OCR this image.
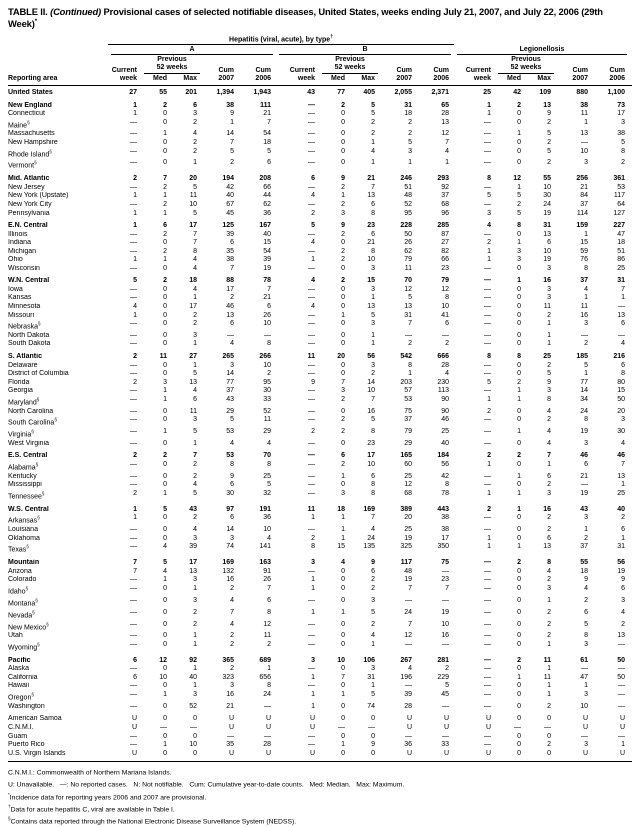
TABLE II. (Continued) Provisional cases of selected notifiable diseases, United States, weeks ending July 21, 2007, and July 22, 2006 (29th Week)*
Hepatitis (viral, acute), by type†
A	B	Legionellosis
Reporting area
Current
week
Previous
52 weeks
Med	Max
Cum
2007
Cum
2006
Current
week
Previous
52 weeks
Med	Max
Cum
2007
Cum
2006
Current
week
Previous
52 weeks
Med	Max
Cum
2007
Cum
2006
United States	27	55	201	1,394	1,943	43	77	405	2,055	2,371	25	42	109	880	1,100
New England	1	2	6	38	111	—	2	5	31	65	1	2	13	38	73
Connecticut	1	0	3	9	21	—	0	5	18	28	1	0	9	11	17
Maine§	—	0	2	1	7	—	0	2	2	13	—	0	2	1	3
Massachusetts	—	1	4	14	54	—	0	2	2	12	—	1	5	13	38
New Hampshire	—	0	2	7	18	—	0	1	5	7	—	0	2	—	5
Rhode Island§	—	0	2	5	5	—	0	4	3	4	—	0	5	10	8
Vermont§	—	0	1	2	6	—	0	1	1	1	—	0	2	3	2
Mid. Atlantic	2	7	20	194	208	6	9	21	246	293	8	12	55	256	361
New Jersey	—	2	5	42	66	—	2	7	51	92	—	1	10	21	53
New York (Upstate)	1	1	11	40	44	4	1	13	48	37	5	5	30	84	117
New York City	—	2	10	67	62	—	2	6	52	68	—	2	24	37	64
Pennsylvania	1	1	5	45	36	2	3	8	95	96	3	5	19	114	127
E.N. Central	1	6	17	125	167	5	9	23	228	285	4	8	31	159	227
Illinois	—	2	7	39	40	—	2	6	50	87	—	0	13	1	47
Indiana	—	0	7	6	15	4	0	21	26	27	2	1	6	15	18
Michigan	—	2	8	35	54	—	2	8	62	82	1	3	10	59	51
Ohio	1	1	4	38	39	1	2	10	79	66	1	3	19	76	86
Wisconsin	—	0	4	7	19	—	0	3	11	23	—	0	3	8	25
W.N. Central	5	2	18	88	78	4	2	15	70	79	—	1	16	37	31
Iowa	—	0	4	17	7	—	0	3	12	12	—	0	3	4	7
Kansas	—	0	1	2	21	—	0	1	5	8	—	0	3	1	1
Minnesota	4	0	17	46	6	4	0	13	13	10	—	0	11	11	—
Missouri	1	0	2	13	26	—	1	5	31	41	—	0	2	16	13
Nebraska§	—	0	2	6	10	—	0	3	7	6	—	0	1	3	6
North Dakota	—	0	3	—	—	—	0	1	—	—	—	0	1	—	—
South Dakota	—	0	1	4	8	—	0	1	2	2	—	0	1	2	4
S. Atlantic	2	11	27	265	266	11	20	56	542	666	8	8	25	185	216
Delaware	—	0	1	3	10	—	0	3	8	28	—	0	2	5	6
District of Columbia	—	0	5	14	2	—	0	2	1	4	—	0	5	1	8
Florida	2	3	13	77	95	9	7	14	203	230	5	2	9	77	80
Georgia	—	1	4	37	30	—	3	10	57	113	—	1	3	14	15
Maryland§	—	1	6	43	33	—	2	7	53	90	1	1	8	34	50
North Carolina	—	0	11	29	52	—	0	16	75	90	2	0	4	24	20
South Carolina§	—	0	3	5	11	—	2	5	37	46	—	0	2	8	3
Virginia§	—	1	5	53	29	2	2	8	79	25	—	1	4	19	30
West Virginia	—	0	1	4	4	—	0	23	29	40	—	0	4	3	4
E.S. Central	2	2	7	53	70	—	6	17	165	184	2	2	7	46	46
Alabama§	—	0	2	8	8	—	2	10	60	56	1	0	1	6	7
Kentucky	—	0	2	9	25	—	1	6	25	42	—	1	6	21	13
Mississippi	—	0	4	6	5	—	0	8	12	8	—	0	2	—	1
Tennessee§	2	1	5	30	32	—	3	8	68	78	1	1	3	19	25
W.S. Central	1	5	43	97	191	11	18	169	389	443	2	1	16	43	40
Arkansas§	1	0	2	6	36	1	1	7	20	38	—	0	2	3	2
Louisiana	—	0	4	14	10	—	1	4	25	38	—	0	2	1	6
Oklahoma	—	0	3	3	4	2	1	24	19	17	1	0	6	2	1
Texas§	—	4	39	74	141	8	15	135	325	350	1	1	13	37	31
Mountain	7	5	17	169	163	3	4	9	117	75	—	2	8	55	56
Arizona	7	4	13	132	91	—	0	6	48	—	—	0	4	18	19
Colorado	—	1	3	16	26	1	0	2	19	23	—	0	2	9	9
Idaho§	—	0	1	2	7	1	0	2	7	7	—	0	3	4	6
Montana§	—	0	3	4	6	—	0	3	—	—	—	0	1	2	3
Nevada§	—	0	2	7	8	1	1	5	24	19	—	0	2	6	4
New Mexico§	—	0	2	4	12	—	0	2	7	10	—	0	2	5	2
Utah	—	0	1	2	11	—	0	4	12	16	—	0	2	8	13
Wyoming§	—	0	1	2	2	—	0	1	—	—	—	0	1	3	—
Pacific	6	12	92	365	689	3	10	106	267	281	—	2	11	61	50
Alaska	—	0	1	2	1	—	0	3	4	2	—	0	1	—	—
California	6	10	40	323	656	1	7	31	196	229	—	1	11	47	50
Hawaii	—	0	1	3	8	—	0	1	—	5	—	0	1	1	—
Oregon§	—	1	3	16	24	1	1	5	39	45	—	0	1	3	—
Washington	—	0	52	21	—	1	0	74	28	—	—	0	2	10	—
American Samoa	U	0	0	U	U	U	0	0	U	U	U	0	0	U	U
C.N.M.I.	U	—	—	U	U	U	—	—	U	U	U	—	—	U	U
Guam	—	0	0	—	—	—	0	0	—	—	—	0	0	—	—
Puerto Rico	—	1	10	35	28	—	1	9	36	33	—	0	2	3	1
U.S. Virgin Islands	U	0	0	U	U	U	0	0	U	U	U	0	0	U	U
C.N.M.I.: Commonwealth of Northern Mariana Islands.
U: Unavailable.   —: No reported cases.   N: Not notifiable.   Cum: Cumulative year-to-date counts.   Med: Median.   Max: Maximum.
*Incidence data for reporting years 2006 and 2007 are provisional.
†Data for acute hepatitis C, viral are available in Table I.
§Contains data reported through the National Electronic Disease Surveillance System (NEDSS).
